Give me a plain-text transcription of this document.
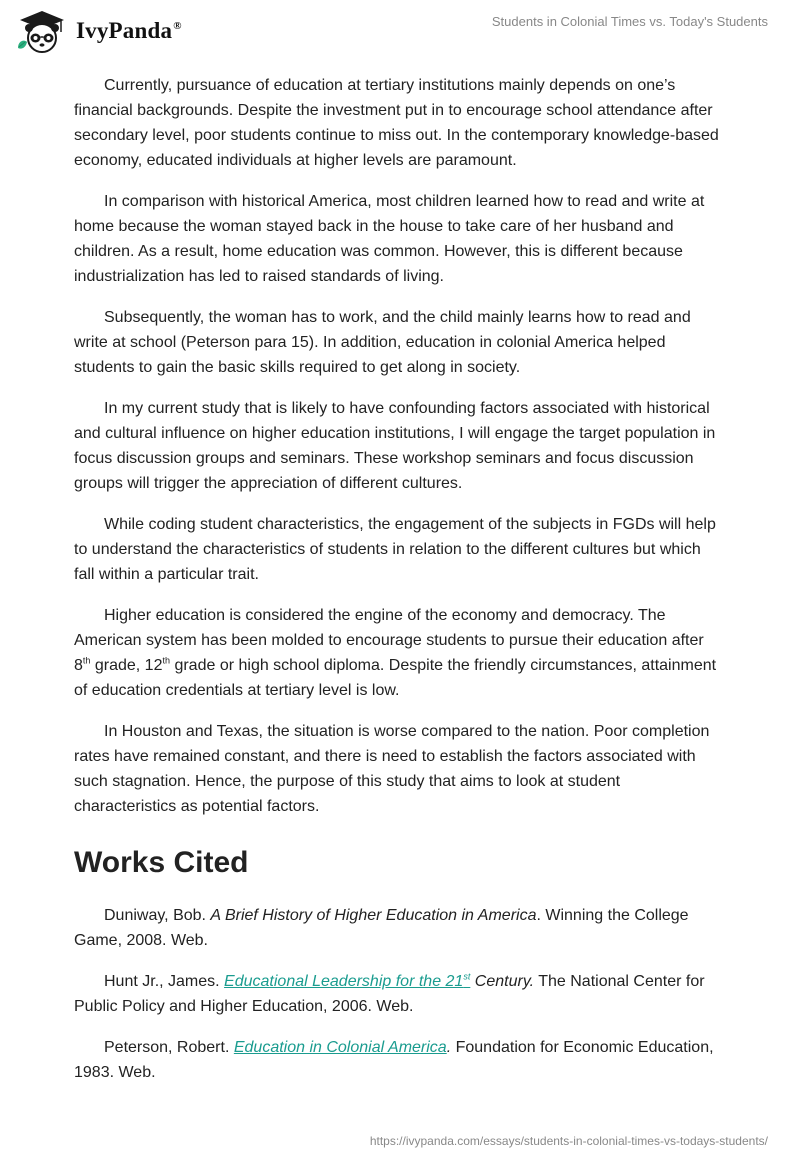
IvyPanda®	Students in Colonial Times vs. Today's Students

Currently, pursuance of education at tertiary institutions mainly depends on one’s financial backgrounds. Despite the investment put in to encourage school attendance after secondary level, poor students continue to miss out. In the contemporary knowledge-based economy, educated individuals at higher levels are paramount.

In comparison with historical America, most children learned how to read and write at home because the woman stayed back in the house to take care of her husband and children. As a result, home education was common. However, this is different because industrialization has led to raised standards of living.

Subsequently, the woman has to work, and the child mainly learns how to read and write at school (Peterson para 15). In addition, education in colonial America helped students to gain the basic skills required to get along in society.

In my current study that is likely to have confounding factors associated with historical and cultural influence on higher education institutions, I will engage the target population in focus discussion groups and seminars. These workshop seminars and focus discussion groups will trigger the appreciation of different cultures.

While coding student characteristics, the engagement of the subjects in FGDs will help to understand the characteristics of students in relation to the different cultures but which fall within a particular trait.

Higher education is considered the engine of the economy and democracy. The American system has been molded to encourage students to pursue their education after 8th grade, 12th grade or high school diploma. Despite the friendly circumstances, attainment of education credentials at tertiary level is low.

In Houston and Texas, the situation is worse compared to the nation. Poor completion rates have remained constant, and there is need to establish the factors associated with such stagnation. Hence, the purpose of this study that aims to look at student characteristics as potential factors.

Works Cited

Duniway, Bob. A Brief History of Higher Education in America. Winning the College Game, 2008. Web.

Hunt Jr., James. Educational Leadership for the 21st Century. The National Center for Public Policy and Higher Education, 2006. Web.

Peterson, Robert. Education in Colonial America. Foundation for Economic Education, 1983. Web.

https://ivypanda.com/essays/students-in-colonial-times-vs-todays-students/
